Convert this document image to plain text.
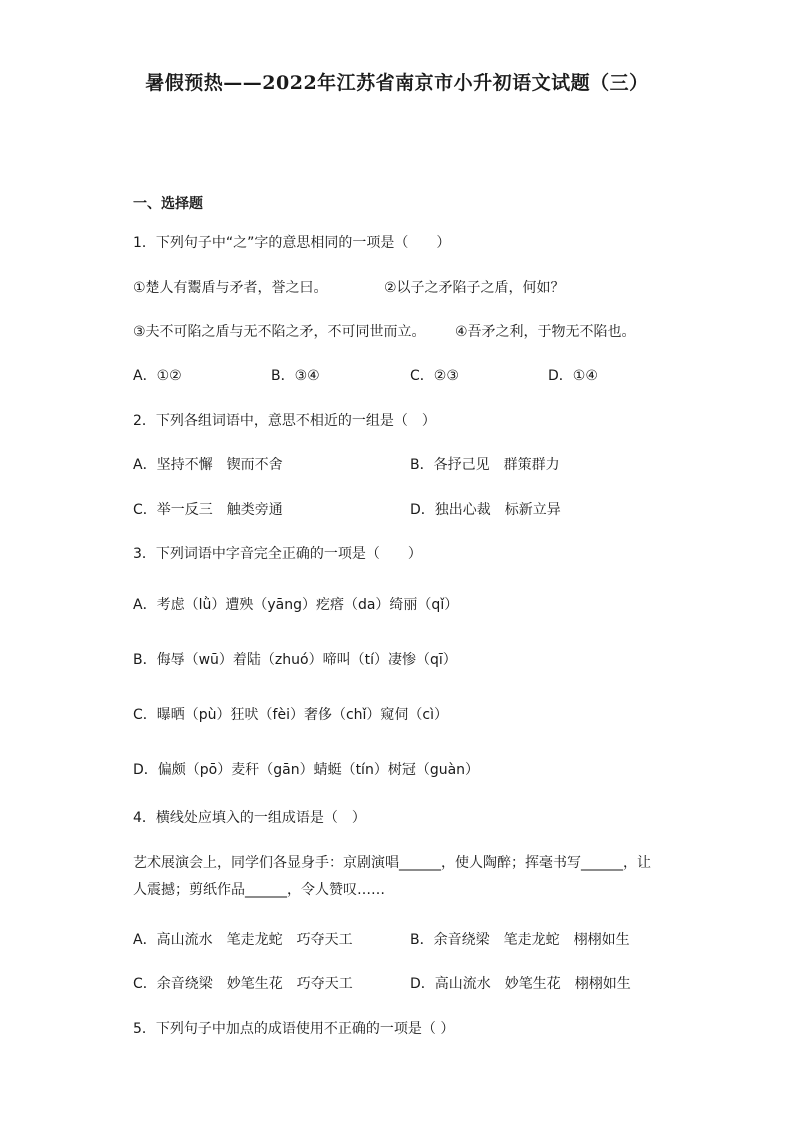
暑假预热——2022年江苏省南京市小升初语文试题（三）
一、选择题
1．下列句子中“之”字的意思相同的一项是（　　）
①楚人有鬻盾与矛者，誉之曰。	②以子之矛陷子之盾，何如？
③夫不可陷之盾与无不陷之矛，不可同世而立。 ④吾矛之利，于物无不陷也。
A．①②	B．③④	C．②③	D．①④
2．下列各组词语中，意思不相近的一组是（　）
A．坚持不懈　锲而不舍	B．各抒己见　群策群力
C．举一反三　触类旁通	D．独出心裁　标新立异
3．下列词语中字音完全正确的一项是（　　）
A．考虑（lǜ）遭殃（yāng）疙瘩（da）绮丽（qǐ）
B．侮辱（wū）着陆（zhuó）啼叫（tí）凄惨（qī）
C．曝晒（pù）狂吠（fèi）奢侈（chǐ）窥伺（cì）
D．偏颇（pō）麦秆（gān）蜻蜓（tín）树冠（guàn）
4．横线处应填入的一组成语是（　）
艺术展演会上，同学们各显身手：京剧演唱______，使人陶醉；挥毫书写______，让人震撼；剪纸作品______，令人赞叹……
A．高山流水　笔走龙蛇　巧夺天工	B．余音绕梁　笔走龙蛇　栩栩如生
C．余音绕梁　妙笔生花　巧夺天工	D．高山流水　妙笔生花　栩栩如生
5．下列句子中加点的成语使用不正确的一项是（ ）
